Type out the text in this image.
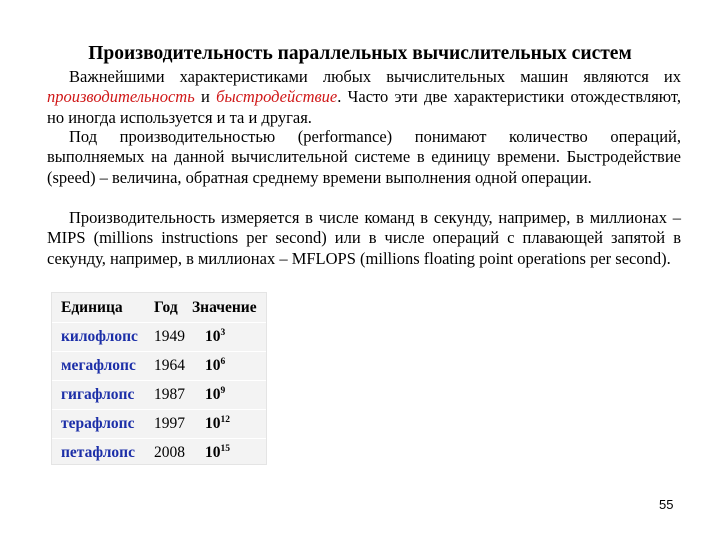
Производительность параллельных вычислительных систем
Важнейшими характеристиками любых вычислительных машин являются их производительность и быстродействие. Часто эти две характеристики отождествляют, но иногда используется и та и другая.
Под производительностью (performance) понимают количество операций, выполняемых на данной вычислительной системе в единицу времени. Быстродействие (speed) – величина, обратная среднему времени выполнения одной операции.
Производительность измеряется в числе команд в секунду, например, в миллионах – MIPS (millions instructions per second) или в числе операций с плавающей запятой в секунду, например, в миллионах – MFLOPS (millions floating point operations per second).
Единица	Год	Значение
килофлопс	1949	$10^3$
мегафлопс	1964	$10^6$
гигафлопс	1987	$10^9$
терафлопс	1997	$10^{12}$
петафлопс	2008	$10^{15}$
55
